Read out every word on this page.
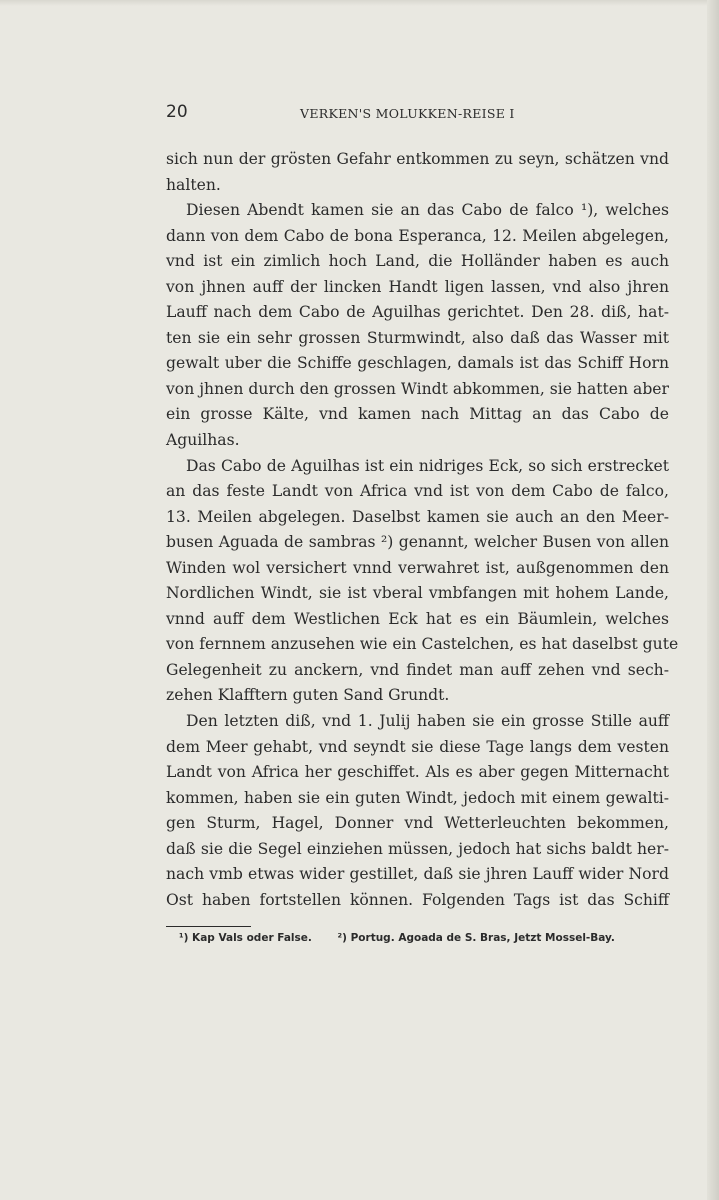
20	VERKEN'S MOLUKKEN-REISE I
sich nun der grösten Gefahr entkommen zu seyn, schätzen vnd
halten.
Diesen Abendt kamen sie an das Cabo de falco ¹), welches
dann von dem Cabo de bona Esperanca, 12. Meilen abgelegen,
vnd ist ein zimlich hoch Land, die Holländer haben es auch
von jhnen auff der lincken Handt ligen lassen, vnd also jhren
Lauff nach dem Cabo de Aguilhas gerichtet. Den 28. diß, hat-
ten sie ein sehr grossen Sturmwindt, also daß das Wasser mit
gewalt uber die Schiffe geschlagen, damals ist das Schiff Horn
von jhnen durch den grossen Windt abkommen, sie hatten aber
ein grosse Kälte, vnd kamen nach Mittag an das Cabo de
Aguilhas.
Das Cabo de Aguilhas ist ein nidriges Eck, so sich erstrecket
an das feste Landt von Africa vnd ist von dem Cabo de falco,
13. Meilen abgelegen. Daselbst kamen sie auch an den Meer-
busen Aguada de sambras ²) genannt, welcher Busen von allen
Winden wol versichert vnnd verwahret ist, außgenommen den
Nordlichen Windt, sie ist vberal vmbfangen mit hohem Lande,
vnnd auff dem Westlichen Eck hat es ein Bäumlein, welches
von fernnem anzusehen wie ein Castelchen, es hat daselbst gute
Gelegenheit zu anckern, vnd findet man auff zehen vnd sech-
zehen Klafftern guten Sand Grundt.
Den letzten diß, vnd 1. Julij haben sie ein grosse Stille auff
dem Meer gehabt, vnd seyndt sie diese Tage langs dem vesten
Landt von Africa her geschiffet. Als es aber gegen Mitternacht
kommen, haben sie ein guten Windt, jedoch mit einem gewalti-
gen Sturm, Hagel, Donner vnd Wetterleuchten bekommen,
daß sie die Segel einziehen müssen, jedoch hat sichs baldt her-
nach vmb etwas wider gestillet, daß sie jhren Lauff wider Nord
Ost haben fortstellen können. Folgenden Tags ist das Schiff
¹) Kap Vals oder False. ²) Portug. Agoada de S. Bras, Jetzt Mossel-Bay.
